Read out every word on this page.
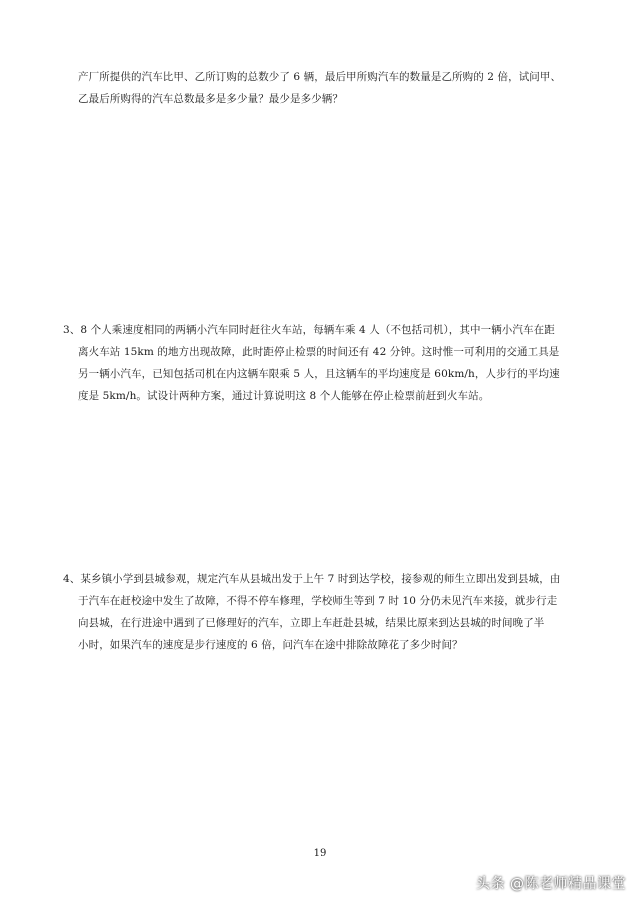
产厂所提供的汽车比甲、乙所订购的总数少了 6 辆，最后甲所购汽车的数量是乙所购的 2 倍，试问甲、
乙最后所购得的汽车总数最多是多少量？最少是多少辆？

3、8 个人乘速度相同的两辆小汽车同时赶往火车站，每辆车乘 4 人（不包括司机），其中一辆小汽车在距
离火车站 15km 的地方出现故障，此时距停止检票的时间还有 42 分钟。这时惟一可利用的交通工具是
另一辆小汽车，已知包括司机在内这辆车限乘 5 人，且这辆车的平均速度是 60km/h，人步行的平均速
度是 5km/h。试设计两种方案，通过计算说明这 8 个人能够在停止检票前赶到火车站。

4、某乡镇小学到县城参观，规定汽车从县城出发于上午 7 时到达学校，接参观的师生立即出发到县城，由
于汽车在赶校途中发生了故障，不得不停车修理，学校师生等到 7 时 10 分仍未见汽车来接，就步行走
向县城，在行进途中遇到了已修理好的汽车，立即上车赶赴县城，结果比原来到达县城的时间晚了半
小时，如果汽车的速度是步行速度的 6 倍，问汽车在途中排除故障花了多少时间？

19
头条 @陈老师精品课堂
